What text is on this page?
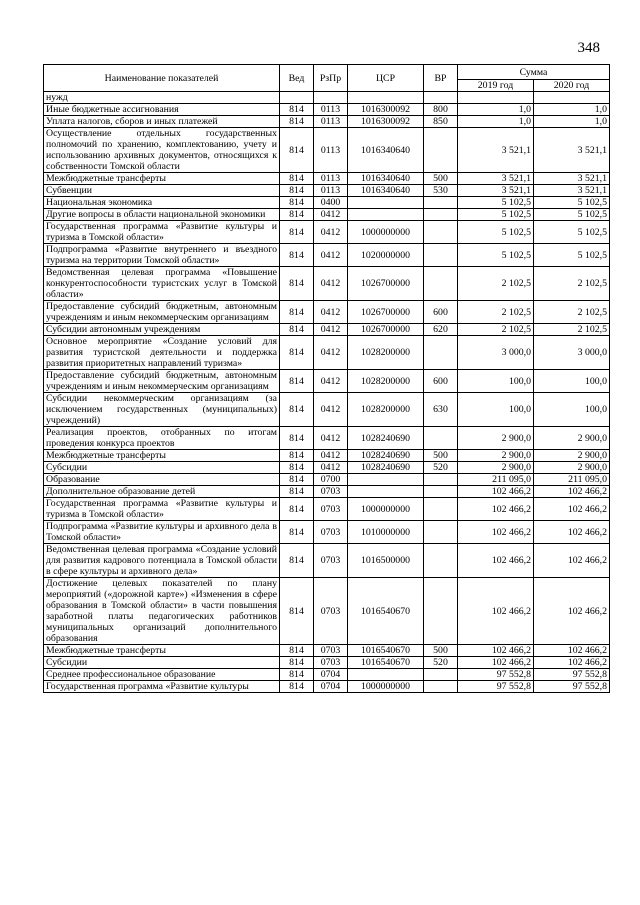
348
Наименование показателей	Вед	РзПр	ЦСР	ВР	Сумма	
					2019 год	2020 год
нужд						
Иные бюджетные ассигнования	814	0113	1016300092	800	1,0	1,0
Уплата налогов, сборов и иных платежей	814	0113	1016300092	850	1,0	1,0
Осуществление отдельных государственных полномочий по хранению, комплектованию, учету и использованию архивных документов, относящихся к собственности Томской области	814	0113	1016340640		3 521,1	3 521,1
Межбюджетные трансферты	814	0113	1016340640	500	3 521,1	3 521,1
Субвенции	814	0113	1016340640	530	3 521,1	3 521,1
Национальная экономика	814	0400			5 102,5	5 102,5
Другие вопросы в области национальной экономики	814	0412			5 102,5	5 102,5
Государственная программа «Развитие культуры и туризма в Томской области»	814	0412	1000000000		5 102,5	5 102,5
Подпрограмма «Развитие внутреннего и въездного туризма на территории Томской области»	814	0412	1020000000		5 102,5	5 102,5
Ведомственная целевая программа «Повышение конкурентоспособности туристских услуг в Томской области»	814	0412	1026700000		2 102,5	2 102,5
Предоставление субсидий бюджетным, автономным учреждениям и иным некоммерческим организациям	814	0412	1026700000	600	2 102,5	2 102,5
Субсидии автономным учреждениям	814	0412	1026700000	620	2 102,5	2 102,5
Основное мероприятие «Создание условий для развития туристской деятельности и поддержка развития приоритетных направлений туризма»	814	0412	1028200000		3 000,0	3 000,0
Предоставление субсидий бюджетным, автономным учреждениям и иным некоммерческим организациям	814	0412	1028200000	600	100,0	100,0
Субсидии некоммерческим организациям (за исключением государственных (муниципальных) учреждений)	814	0412	1028200000	630	100,0	100,0
Реализация проектов, отобранных по итогам проведения конкурса проектов	814	0412	1028240690		2 900,0	2 900,0
Межбюджетные трансферты	814	0412	1028240690	500	2 900,0	2 900,0
Субсидии	814	0412	1028240690	520	2 900,0	2 900,0
Образование	814	0700			211 095,0	211 095,0
Дополнительное образование детей	814	0703			102 466,2	102 466,2
Государственная программа «Развитие культуры и туризма в Томской области»	814	0703	1000000000		102 466,2	102 466,2
Подпрограмма «Развитие культуры и архивного дела в Томской области»	814	0703	1010000000		102 466,2	102 466,2
Ведомственная целевая программа «Создание условий для развития кадрового потенциала в Томской области в сфере культуры и архивного дела»	814	0703	1016500000		102 466,2	102 466,2
Достижение целевых показателей по плану мероприятий («дорожной карте») «Изменения в сфере образования в Томской области» в части повышения заработной платы педагогических работников муниципальных организаций дополнительного образования	814	0703	1016540670		102 466,2	102 466,2
Межбюджетные трансферты	814	0703	1016540670	500	102 466,2	102 466,2
Субсидии	814	0703	1016540670	520	102 466,2	102 466,2
Среднее профессиональное образование	814	0704			97 552,8	97 552,8
Государственная программа «Развитие культуры	814	0704	1000000000		97 552,8	97 552,8
